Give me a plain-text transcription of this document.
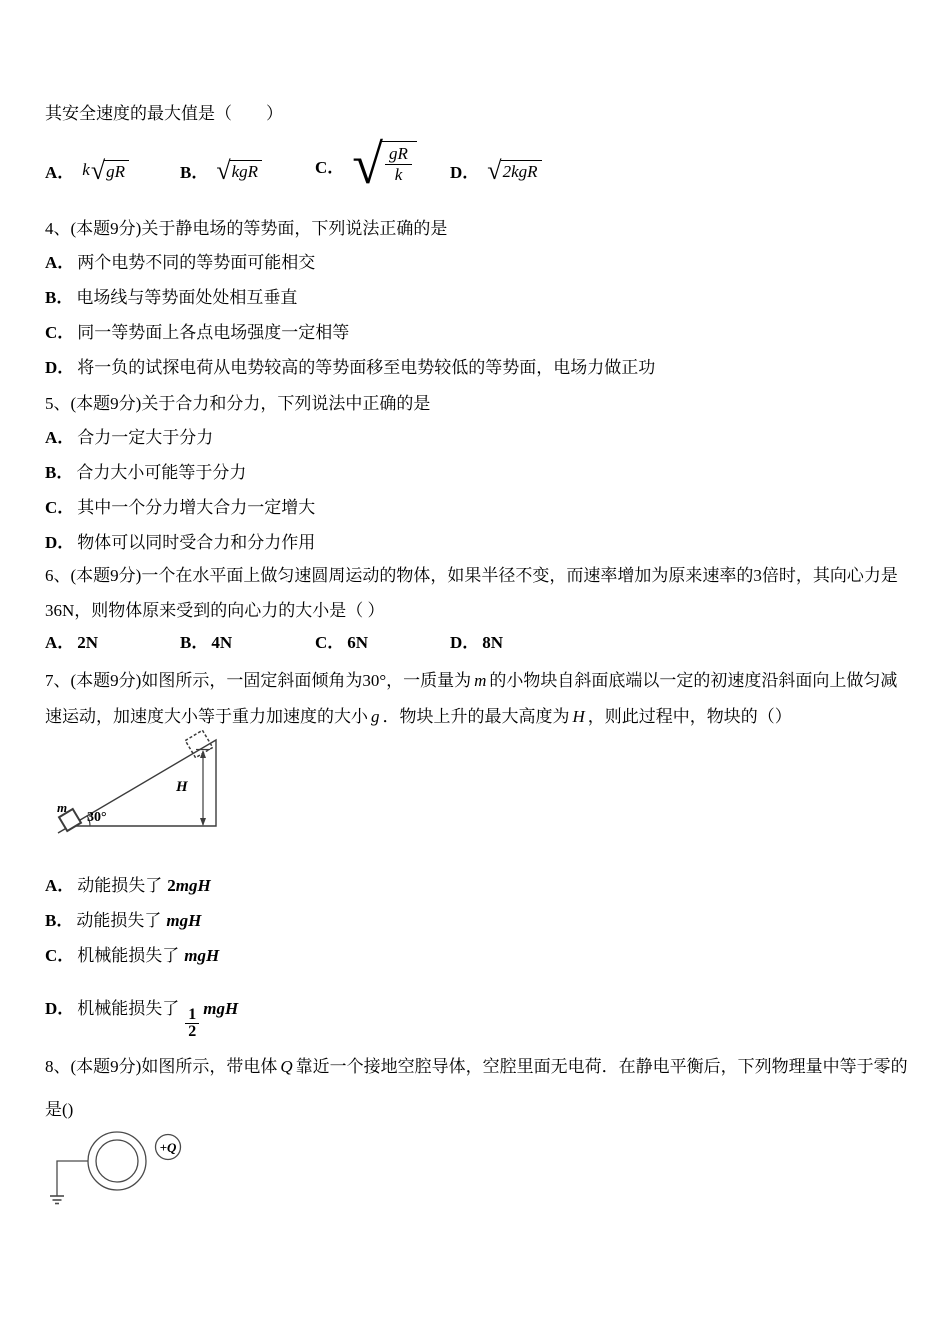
其安全速度的最大值是（　　）
A． k √ gR	B． √ kgR	C． √ gR
k	D． √ 2kgR
4、(本题9分)关于静电场的等势面，下列说法正确的是
A． 两个电势不同的等势面可能相交
B． 电场线与等势面处处相互垂直
C． 同一等势面上各点电场强度一定相等
D． 将一负的试探电荷从电势较高的等势面移至电势较低的等势面，电场力做正功
5、(本题9分)关于合力和分力，下列说法中正确的是
A． 合力一定大于分力
B． 合力大小可能等于分力
C． 其中一个分力增大合力一定增大
D． 物体可以同时受合力和分力作用
6、(本题9分)一个在水平面上做匀速圆周运动的物体，如果半径不变，而速率增加为原来速率的3倍时，其向心力是
36N，则物体原来受到的向心力的大小是（ ）
A． 2N	B． 4N	C． 6N	D． 8N
7、(本题9分)如图所示，一固定斜面倾角为30°，一质量为 m 的小物块自斜面底端以一定的初速度沿斜面向上做匀减
速运动，加速度大小等于重力加速度的大小 g ．物块上升的最大高度为 H ，则此过程中，物块的（）
m
30°
H
A． 动能损失了 2mgH
B． 动能损失了 mgH
C． 机械能损失了 mgH
D． 机械能损失了 $\frac{1}{2}$ mgH
8、(本题9分)如图所示，带电体 Q 靠近一个接地空腔导体，空腔里面无电荷．在静电平衡后，下列物理量中等于零的
是()
+Q
